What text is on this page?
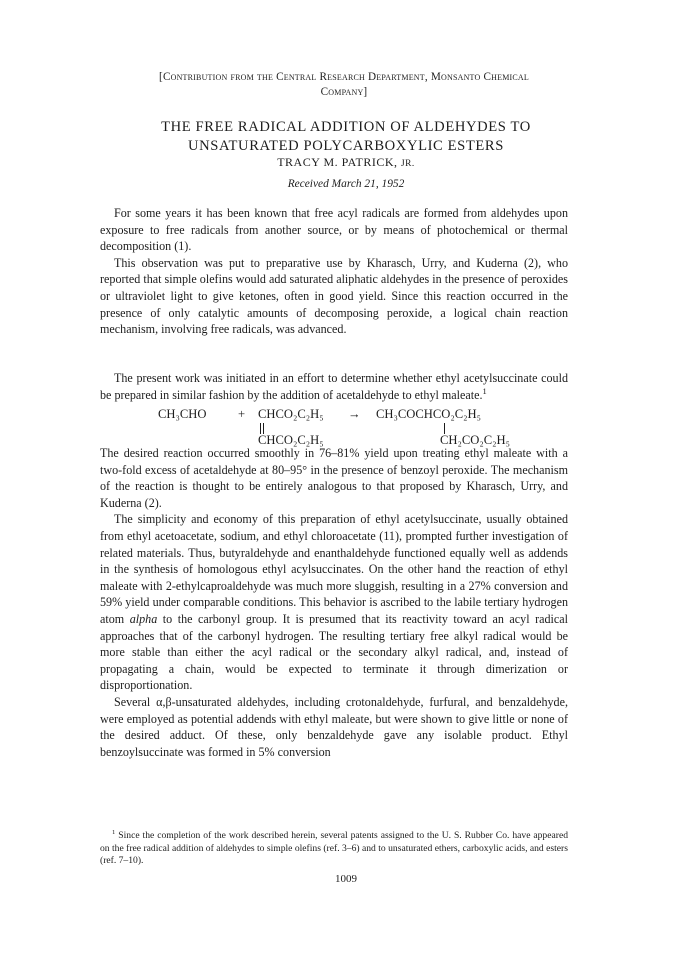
[Contribution from the Central Research Department, Monsanto Chemical
Company]
THE FREE RADICAL ADDITION OF ALDEHYDES TO
UNSATURATED POLYCARBOXYLIC ESTERS
TRACY M. PATRICK, JR.
Received March 21, 1952

For some years it has been known that free acyl radicals are formed from aldehydes upon exposure to free radicals from another source, or by means of photochemical or thermal decomposition (1).

This observation was put to preparative use by Kharasch, Urry, and Kuderna (2), who reported that simple olefins would add saturated aliphatic aldehydes in the presence of peroxides or ultraviolet light to give ketones, often in good yield. Since this reaction occurred in the presence of only catalytic amounts of decomposing peroxide, a logical chain reaction mechanism, involving free radicals, was advanced.

The present work was initiated in an effort to determine whether ethyl acetylsuccinate could be prepared in similar fashion by the addition of acetaldehyde to ethyl maleate.$^1$

CH₃CHO	+ CHCO₂C₂H₅
CHCO₂C₂H₅
→ CH₃COCHCO₂C₂H₅
CH₂CO₂C₂H₅

The desired reaction occurred smoothly in 76–81% yield upon treating ethyl maleate with a two-fold excess of acetaldehyde at 80–95° in the presence of benzoyl peroxide. The mechanism of the reaction is thought to be entirely analogous to that proposed by Kharasch, Urry, and Kuderna (2).

The simplicity and economy of this preparation of ethyl acetylsuccinate, usually obtained from ethyl acetoacetate, sodium, and ethyl chloroacetate (11), prompted further investigation of related materials. Thus, butyraldehyde and enanthaldehyde functioned equally well as addends in the synthesis of homologous ethyl acylsuccinates. On the other hand the reaction of ethyl maleate with 2-ethylcaproaldehyde was much more sluggish, resulting in a 27% conversion and 59% yield under comparable conditions. This behavior is ascribed to the labile tertiary hydrogen atom alpha to the carbonyl group. It is presumed that its reactivity toward an acyl radical approaches that of the carbonyl hydrogen. The resulting tertiary free alkyl radical would be more stable than either the acyl radical or the secondary alkyl radical, and, instead of propagating a chain, would be expected to terminate it through dimerization or disproportionation.

Several α,β-unsaturated aldehydes, including crotonaldehyde, furfural, and benzaldehyde, were employed as potential addends with ethyl maleate, but were shown to give little or none of the desired adduct. Of these, only benzaldehyde gave any isolable product. Ethyl benzoylsuccinate was formed in 5% conversion

$^1$ Since the completion of the work described herein, several patents assigned to the U. S. Rubber Co. have appeared on the free radical addition of aldehydes to simple olefins (ref. 3–6) and to unsaturated ethers, carboxylic acids, and esters (ref. 7–10).

1009
